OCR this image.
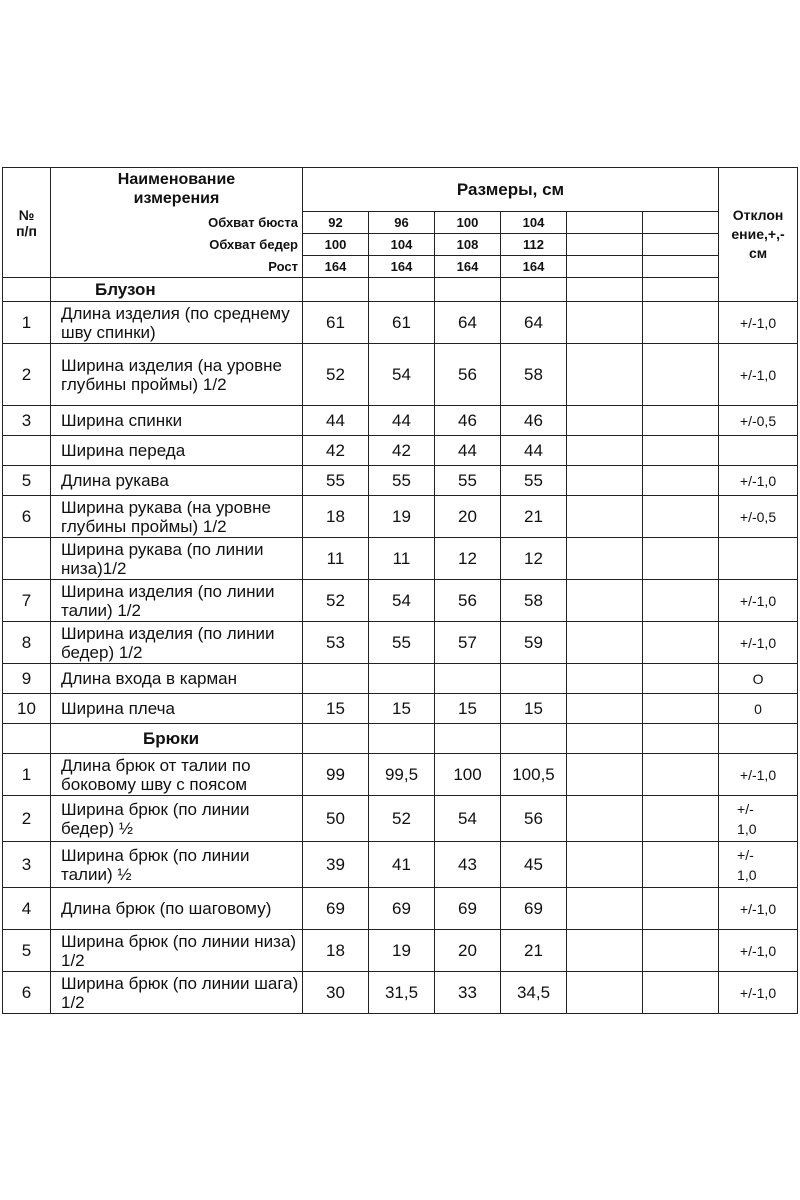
№
п/п	Наименование
измерения	Размеры, см						Отклон
ение,+,-
см
	Обхват бюста	92	96	100	104			
	Обхват бедер	100	104	108	112			
	Рост	164	164	164	164			
Блузон								
1	Длина изделия (по среднему шву спинки)	61	61	64	64			+/-1,0
2	Ширина изделия (на уровне глубины проймы) 1/2	52	54	56	58			+/-1,0
3	Ширина спинки	44	44	46	46			+/-0,5
	Ширина переда	42	42	44	44			
5	Длина рукава	55	55	55	55			+/-1,0
6	Ширина рукава (на уровне глубины проймы) 1/2	18	19	20	21			+/-0,5
	Ширина рукава (по линии низа)1/2	11	11	12	12			
7	Ширина изделия (по линии талии) 1/2	52	54	56	58			+/-1,0
8	Ширина изделия (по линии бедер) 1/2	53	55	57	59			+/-1,0
9	Длина входа в карман							O
10	Ширина плеча	15	15	15	15			0
	Брюки							
1	Длина брюк от талии по боковому шву с поясом	99	99,5	100	100,5			+/-1,0
2	Ширина брюк (по линии бедер) ½	50	52	54	56			+/-
1,0
3	Ширина брюк (по линии талии) ½	39	41	43	45			+/-
1,0
4	Длина брюк (по шаговому)	69	69	69	69			+/-1,0
5	Ширина брюк (по линии низа) 1/2	18	19	20	21			+/-1,0
6	Ширина брюк (по линии шага) 1/2	30	31,5	33	34,5			+/-1,0
